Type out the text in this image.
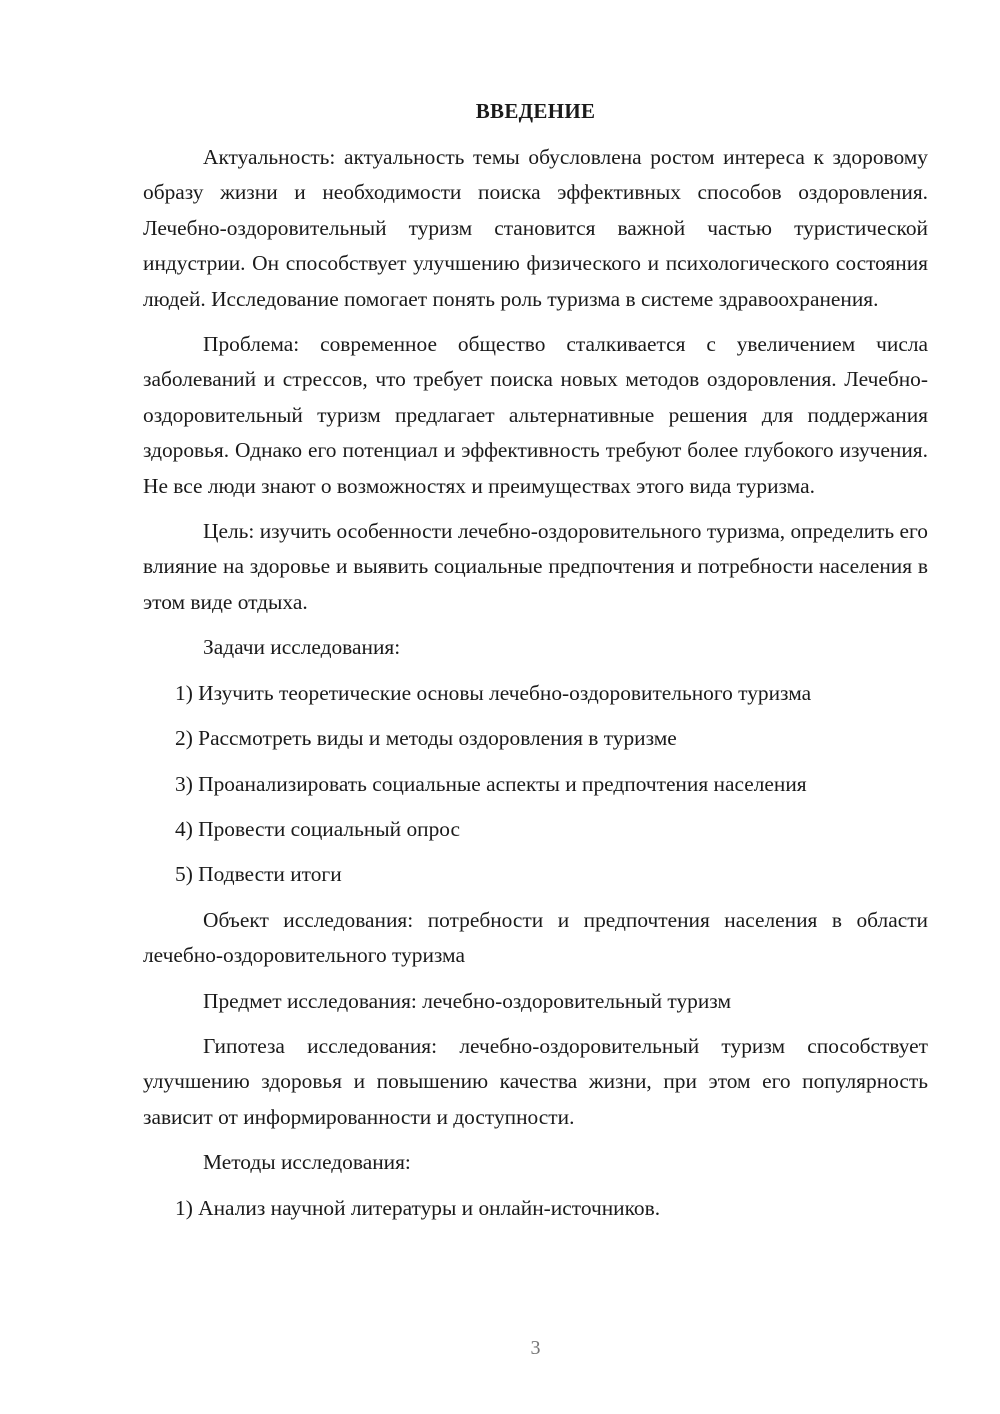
ВВЕДЕНИЕ

Актуальность: актуальность темы обусловлена ростом интереса к здоровому образу жизни и необходимости поиска эффективных способов оздоровления. Лечебно-оздоровительный туризм становится важной частью туристической индустрии. Он способствует улучшению физического и психологического состояния людей. Исследование помогает понять роль туризма в системе здравоохранения.

Проблема: современное общество сталкивается с увеличением числа заболеваний и стрессов, что требует поиска новых методов оздоровления. Лечебно-оздоровительный туризм предлагает альтернативные решения для поддержания здоровья. Однако его потенциал и эффективность требуют более глубокого изучения. Не все люди знают о возможностях и преимуществах этого вида туризма.

Цель: изучить особенности лечебно-оздоровительного туризма, определить его влияние на здоровье и выявить социальные предпочтения и потребности населения в этом виде отдыха.

Задачи исследования:

1) Изучить теоретические основы лечебно-оздоровительного туризма

2) Рассмотреть виды и методы оздоровления в туризме

3) Проанализировать социальные аспекты и предпочтения населения

4) Провести социальный опрос

5) Подвести итоги

Объект исследования: потребности и предпочтения населения в области лечебно-оздоровительного туризма

Предмет исследования: лечебно-оздоровительный туризм

Гипотеза исследования: лечебно-оздоровительный туризм способствует улучшению здоровья и повышению качества жизни, при этом его популярность зависит от информированности и доступности.

Методы исследования:

1) Анализ научной литературы и онлайн-источников.

3
